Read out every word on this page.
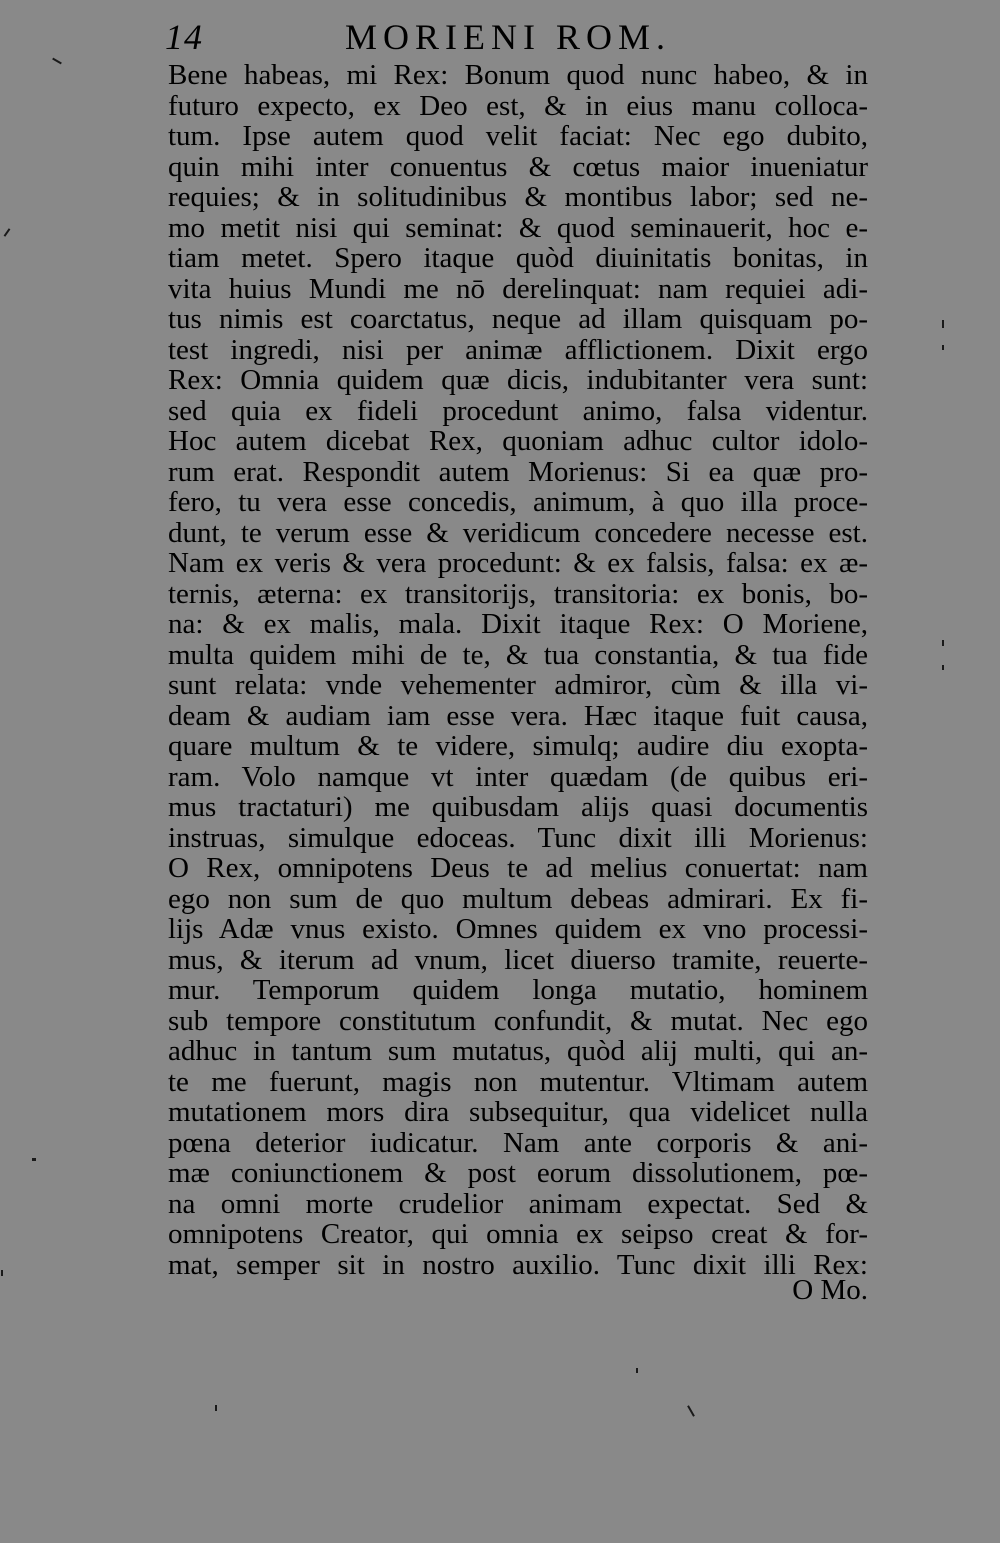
14	MORIENI ROM.
Bene habeas, mi Rex: Bonum quod nunc habeo, & in
futuro expecto, ex Deo est, & in eius manu colloca-
tum. Ipse autem quod velit faciat: Nec ego dubito,
quin mihi inter conuentus & cœtus maior inueniatur
requies; & in solitudinibus & montibus labor; sed ne-
mo metit nisi qui seminat: & quod seminauerit, hoc e-
tiam metet. Spero itaque quòd diuinitatis bonitas, in
vita huius Mundi me nō derelinquat: nam requiei adi-
tus nimis est coarctatus, neque ad illam quisquam po-
test ingredi, nisi per animæ afflictionem. Dixit ergo
Rex: Omnia quidem quæ dicis, indubitanter vera sunt:
sed quia ex fideli procedunt animo, falsa videntur.
Hoc autem dicebat Rex, quoniam adhuc cultor idolo-
rum erat. Respondit autem Morienus: Si ea quæ pro-
fero, tu vera esse concedis, animum, à quo illa proce-
dunt, te verum esse & veridicum concedere necesse est.
Nam ex veris & vera procedunt: & ex falsis, falsa: ex æ-
ternis, æterna: ex transitorijs, transitoria: ex bonis, bo-
na: & ex malis, mala. Dixit itaque Rex: O Moriene,
multa quidem mihi de te, & tua constantia, & tua fide
sunt relata: vnde vehementer admiror, cùm & illa vi-
deam & audiam iam esse vera. Hæc itaque fuit causa,
quare multum & te videre, simulq; audire diu exopta-
ram. Volo namque vt inter quædam (de quibus eri-
mus tractaturi) me quibusdam alijs quasi documentis
instruas, simulque edoceas. Tunc dixit illi Morienus:
O Rex, omnipotens Deus te ad melius conuertat: nam
ego non sum de quo multum debeas admirari. Ex fi-
lijs Adæ vnus existo. Omnes quidem ex vno processi-
mus, & iterum ad vnum, licet diuerso tramite, reuerte-
mur. Temporum quidem longa mutatio, hominem
sub tempore constitutum confundit, & mutat. Nec ego
adhuc in tantum sum mutatus, quòd alij multi, qui an-
te me fuerunt, magis non mutentur. Vltimam autem
mutationem mors dira subsequitur, qua videlicet nulla
pœna deterior iudicatur. Nam ante corporis & ani-
mæ coniunctionem & post eorum dissolutionem, pœ-
na omni morte crudelior animam expectat. Sed &
omnipotens Creator, qui omnia ex seipso creat & for-
mat, semper sit in nostro auxilio. Tunc dixit illi Rex:
O Mo.
